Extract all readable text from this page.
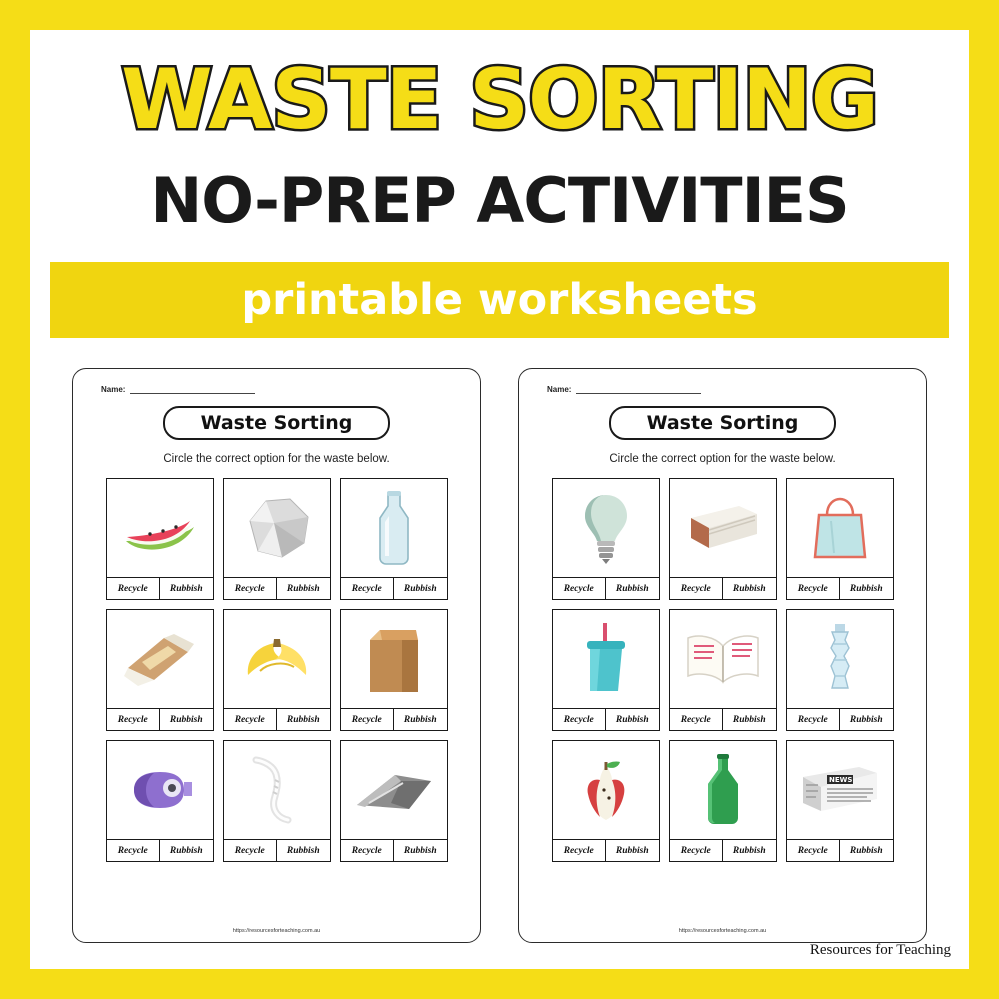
WASTE SORTING
NO-PREP ACTIVITIES
printable worksheets
Name:
Waste Sorting
Circle the correct option for the waste below.
Recycle	Rubbish	Recycle	Rubbish	Recycle	Rubbish
Recycle	Rubbish	Recycle	Rubbish	Recycle	Rubbish
Recycle	Rubbish	Recycle	Rubbish	Recycle	Rubbish
https://resourcesforteaching.com.au
Name:
Waste Sorting
Circle the correct option for the waste below.
Recycle	Rubbish	Recycle	Rubbish	Recycle	Rubbish
Recycle	Rubbish	Recycle	Rubbish	Recycle	Rubbish
Recycle	Rubbish	Recycle	Rubbish
NEWS
Recycle	Rubbish
https://resourcesforteaching.com.au
Resources for Teaching
